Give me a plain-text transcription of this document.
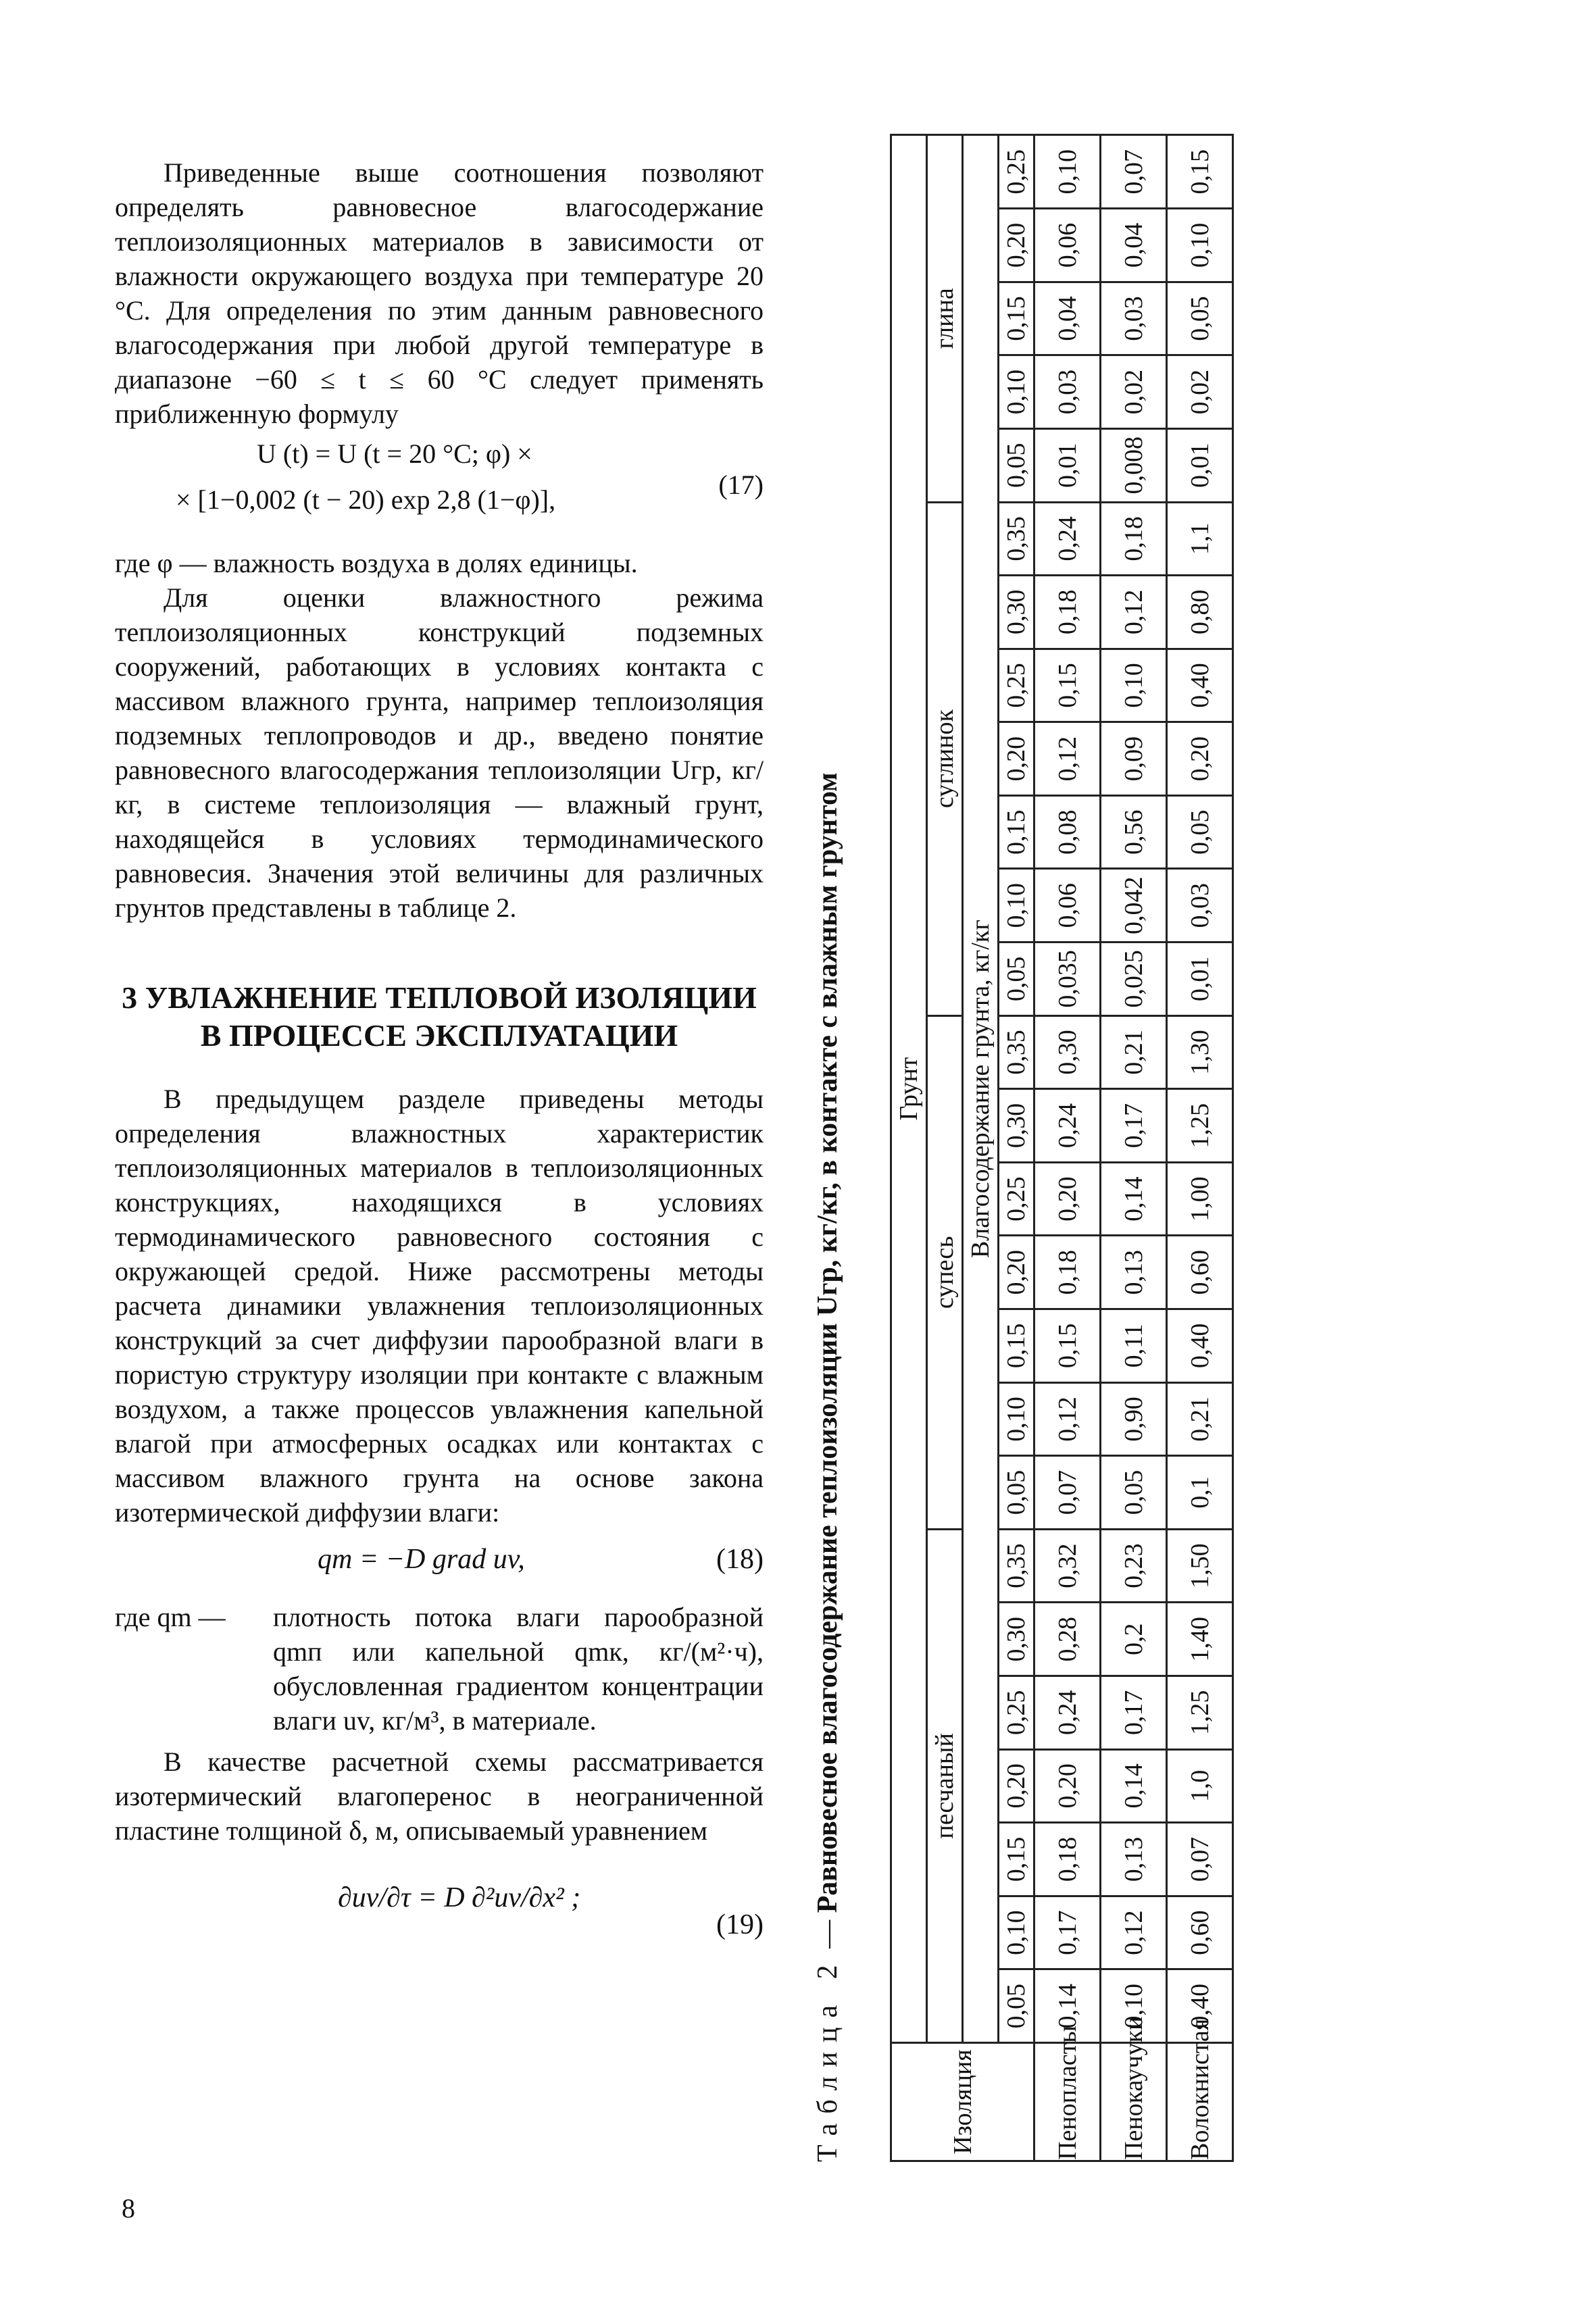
Приведенные выше соотношения позволяют определять равновесное влагосодержание теплоизоляционных материалов в зависимости от влажности окружающего воздуха при температуре 20 °С. Для определения по этим данным равновесного влагосодержания при любой другой температуре в диапазоне −60 ≤ t ≤ 60 °С следует применять приближенную формулу

U (t) = U (t = 20 °С; φ) ×
× [1−0,002 (t − 20) exp 2,8 (1−φ)],	(17)

где φ — влажность воздуха в долях единицы.

Для оценки влажностного режима теплоизоляционных конструкций подземных сооружений, работающих в условиях контакта с массивом влажного грунта, например теплоизоляция подземных теплопроводов и др., введено понятие равновесного влагосодержания теплоизоляции Uгр, кг/кг, в системе теплоизоляция — влажный грунт, находящейся в условиях термодинамического равновесия. Значения этой величины для различных грунтов представлены в таблице 2.

3 УВЛАЖНЕНИЕ ТЕПЛОВОЙ ИЗОЛЯЦИИ
В ПРОЦЕССЕ ЭКСПЛУАТАЦИИ

В предыдущем разделе приведены методы определения влажностных характеристик теплоизоляционных материалов в теплоизоляционных конструкциях, находящихся в условиях термодинамического равновесного состояния с окружающей средой. Ниже рассмотрены методы расчета динамики увлажнения теплоизоляционных конструкций за счет диффузии парообразной влаги в пористую структуру изоляции при контакте с влажным воздухом, а также процессов увлажнения капельной влагой при атмосферных осадках или контактах с массивом влажного грунта на основе закона изотермической диффузии влаги:

qm = −D grad uv,	(18)
где qm — плотность потока влаги парообразной qmп или капельной qmк, кг/(м²·ч), обусловленная градиентом концентрации влаги uv, кг/м³, в материале.

В качестве расчетной схемы рассматривается изотермический влагоперенос в неограниченной пластине толщиной δ, м, описываемый уравнением

∂uv/∂τ = D ∂²uv/∂x² ;
(19)
8
Таблица 2 — Равновесное влагосодержание теплоизоляции Uгр, кг/кг, в контакте с влажным грунтом
Изоляция	Грунт																									
	песчаный							супесь							суглинок							глина				
	Влагосодержание грунта, кг/кг																									
	0,05	0,10	0,15	0,20	0,25	0,30	0,35	0,05	0,10	0,15	0,20	0,25	0,30	0,35	0,05	0,10	0,15	0,20	0,25	0,30	0,35	0,05	0,10	0,15	0,20	0,25
Пенопласты	0,14	0,17	0,18	0,20	0,24	0,28	0,32	0,07	0,12	0,15	0,18	0,20	0,24	0,30	0,035	0,06	0,08	0,12	0,15	0,18	0,24	0,01	0,03	0,04	0,06	0,10
Пенокаучуки	0,10	0,12	0,13	0,14	0,17	0,2	0,23	0,05	0,90	0,11	0,13	0,14	0,17	0,21	0,025	0,042	0,56	0,09	0,10	0,12	0,18	0,008	0,02	0,03	0,04	0,07
Волокнистая	0,40	0,60	0,07	1,0	1,25	1,40	1,50	0,1	0,21	0,40	0,60	1,00	1,25	1,30	0,01	0,03	0,05	0,20	0,40	0,80	1,1	0,01	0,02	0,05	0,10	0,15
